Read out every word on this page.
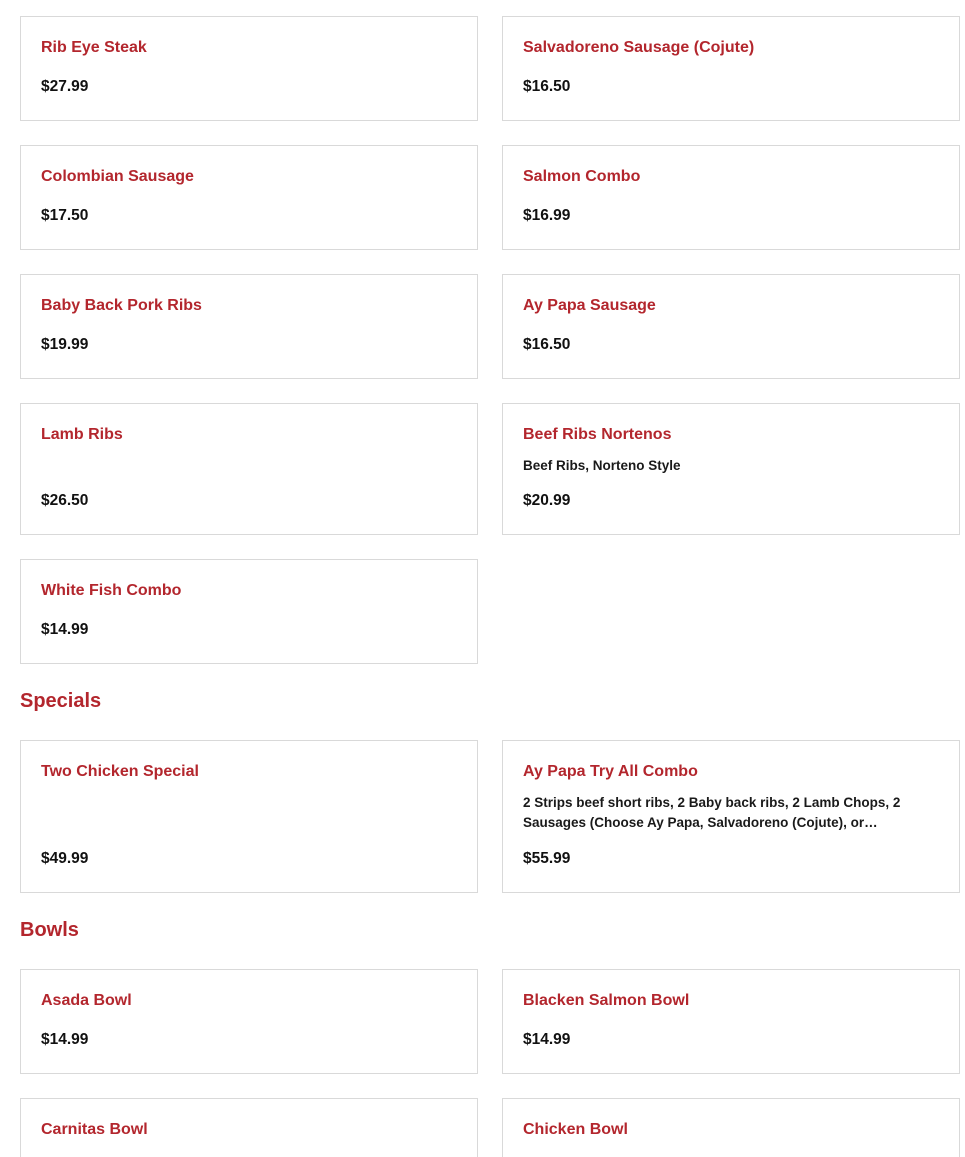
Rib Eye Steak
$27.99
Salvadoreno Sausage (Cojute)
$16.50
Colombian Sausage
$17.50
Salmon Combo
$16.99
Baby Back Pork Ribs
$19.99
Ay Papa Sausage
$16.50
Lamb Ribs
$26.50
Beef Ribs Nortenos
Beef Ribs, Norteno Style
$20.99
White Fish Combo
$14.99
Specials
Two Chicken Special
$49.99
Ay Papa Try All Combo
2 Strips beef short ribs, 2 Baby back ribs, 2 Lamb Chops, 2 Sausages (Choose Ay Papa, Salvadoreno (Cojute), or…
$55.99
Bowls
Asada Bowl
$14.99
Blacken Salmon Bowl
$14.99
Carnitas Bowl	Chicken Bowl
